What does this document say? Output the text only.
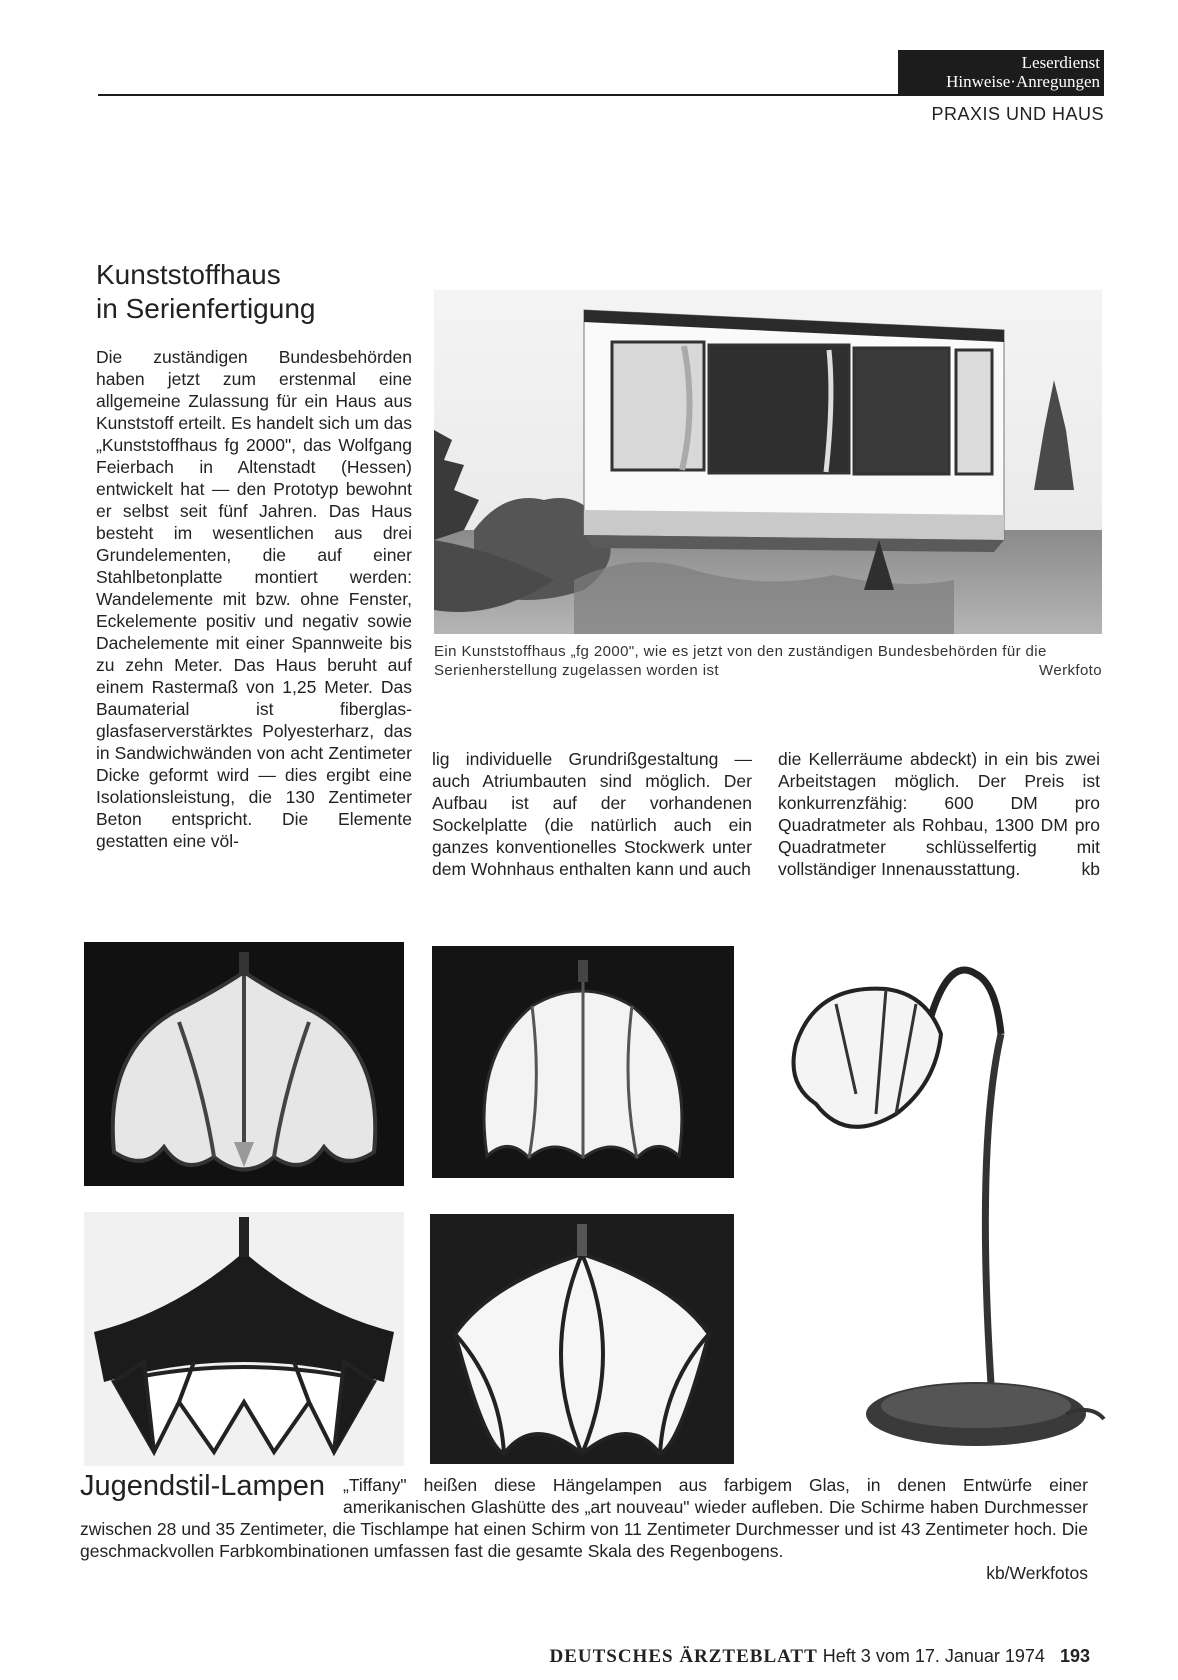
Leserdienst
Hinweise·Anregungen
PRAXIS UND HAUS
Kunststoffhaus
in Serienfertigung
Die zuständigen Bundesbehörden haben jetzt zum erstenmal eine allgemeine Zulassung für ein Haus aus Kunststoff erteilt. Es handelt sich um das „Kunststoffhaus fg 2000", das Wolfgang Feierbach in Altenstadt (Hessen) entwickelt hat — den Prototyp bewohnt er selbst seit fünf Jahren. Das Haus besteht im wesentlichen aus drei Grundelementen, die auf einer Stahlbetonplatte montiert werden: Wandelemente mit bzw. ohne Fenster, Eckelemente positiv und negativ sowie Dachelemente mit einer Spannweite bis zu zehn Meter. Das Haus beruht auf einem Rastermaß von 1,25 Meter. Das Baumaterial ist fiberglas-glasfaserverstärktes Polyesterharz, das in Sandwichwänden von acht Zentimeter Dicke geformt wird — dies ergibt eine Isolationsleistung, die 130 Zentimeter Beton entspricht. Die Elemente gestatten eine völ-
lig individuelle Grundrißgestaltung — auch Atriumbauten sind möglich. Der Aufbau ist auf der vorhandenen Sockelplatte (die natürlich auch ein ganzes konventionelles Stockwerk unter dem Wohnhaus enthalten kann und auch
die Kellerräume abdeckt) in ein bis zwei Arbeitstagen möglich. Der Preis ist konkurrenzfähig: 600 DM pro Quadratmeter als Rohbau, 1300 DM pro Quadratmeter schlüsselfertig mit vollständiger Innenausstattung.	kb
Ein Kunststoffhaus „fg 2000", wie es jetzt von den zuständigen Bundesbehörden für die Serienherstellung zugelassen worden ist	Werkfoto
Jugendstil-Lampen „Tiffany" heißen diese Hängelampen aus farbigem Glas, in denen Entwürfe einer amerikanischen Glashütte des „art nouveau" wieder aufleben. Die Schirme haben Durchmesser zwischen 28 und 35 Zentimeter, die Tischlampe hat einen Schirm von 11 Zentimeter Durchmesser und ist 43 Zentimeter hoch. Die geschmackvollen Farbkombinationen umfassen fast die gesamte Skala des Regenbogens.
kb/Werkfotos
DEUTSCHES ÄRZTEBLATT Heft 3 vom 17. Januar 1974 193
